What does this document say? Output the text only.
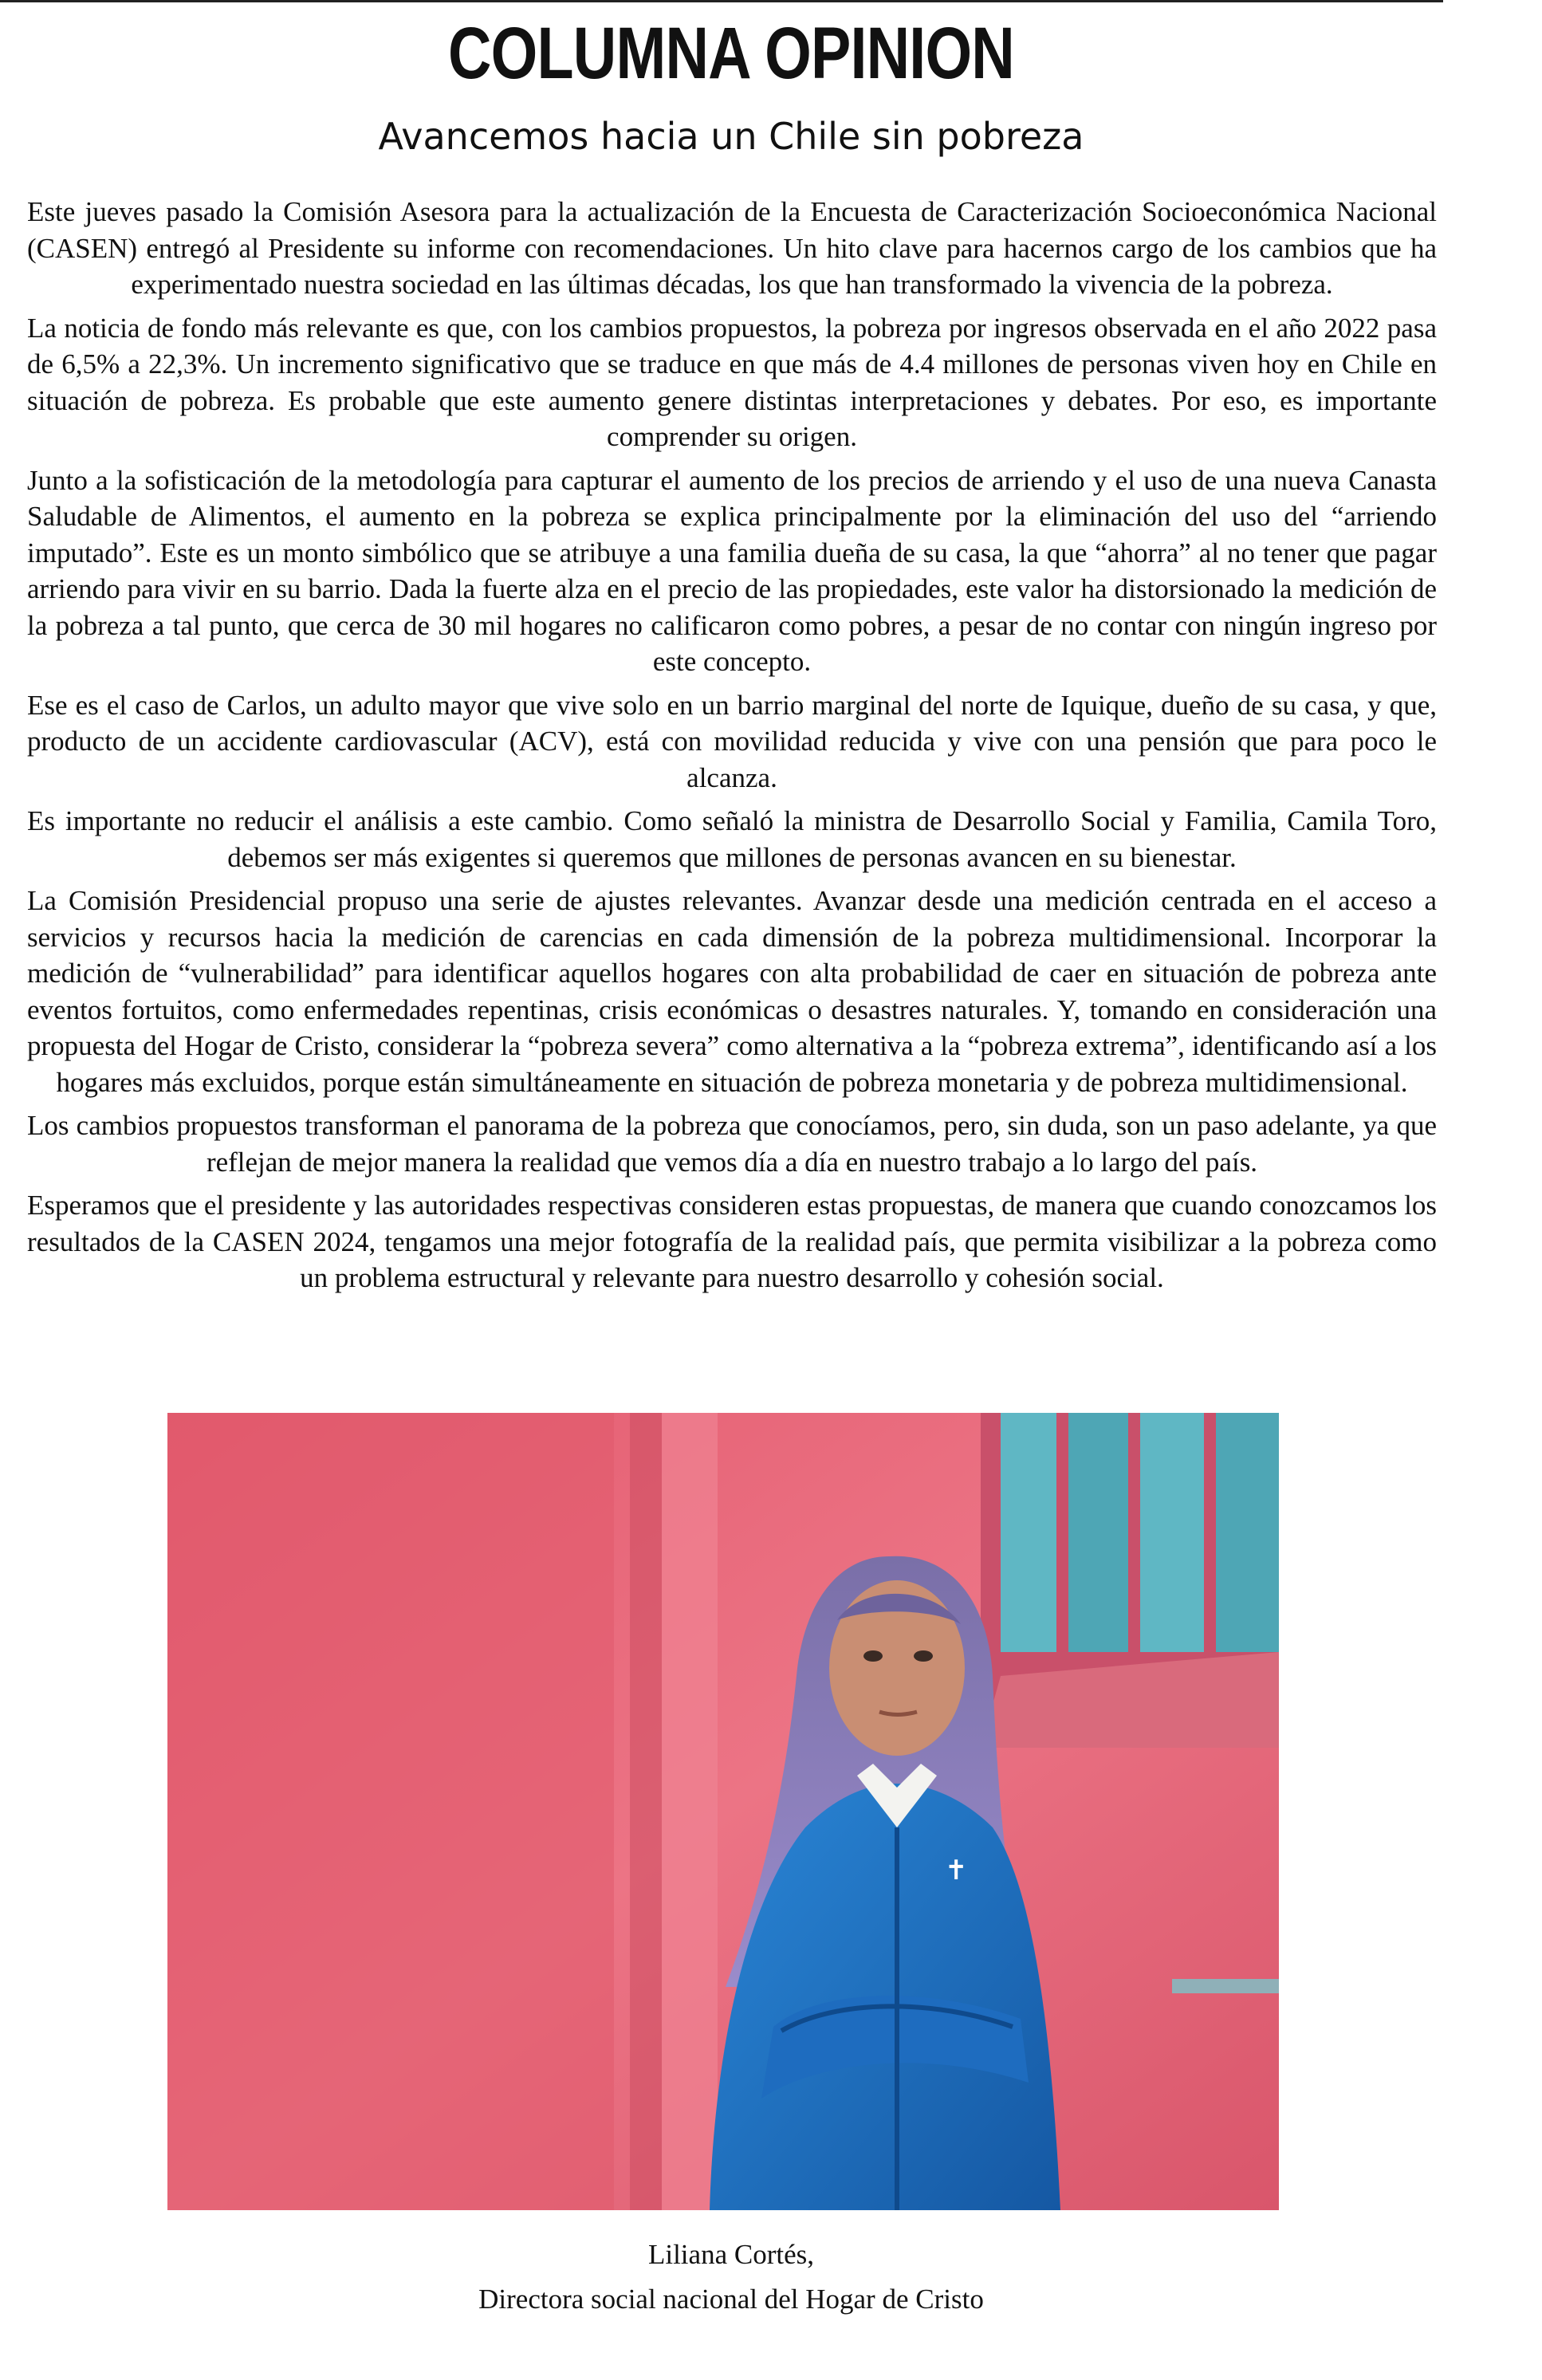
COLUMNA OPINION
Avancemos hacia un Chile sin pobreza

Este jueves pasado la Comisión Asesora para la actualización de la Encuesta de Caracterización Socioeconómica Nacional (CASEN) entregó al Presidente su informe con recomendaciones. Un hito clave para hacernos cargo de los cambios que ha experimentado nuestra sociedad en las últimas décadas, los que han transformado la vivencia de la pobreza.

La noticia de fondo más relevante es que, con los cambios propuestos, la pobreza por ingresos observada en el año 2022 pasa de 6,5% a 22,3%. Un incremento significativo que se traduce en que más de 4.4 millones de personas viven hoy en Chile en situación de pobreza. Es probable que este aumento genere distintas interpretaciones y debates. Por eso, es importante comprender su origen.

Junto a la sofisticación de la metodología para capturar el aumento de los precios de arriendo y el uso de una nueva Canasta Saludable de Alimentos, el aumento en la pobreza se explica principalmente por la eliminación del uso del “arriendo imputado”. Este es un monto simbólico que se atribuye a una familia dueña de su casa, la que “ahorra” al no tener que pagar arriendo para vivir en su barrio. Dada la fuerte alza en el precio de las propiedades, este valor ha distorsionado la medición de la pobreza a tal punto, que cerca de 30 mil hogares no calificaron como pobres, a pesar de no contar con ningún ingreso por este concepto.

Ese es el caso de Carlos, un adulto mayor que vive solo en un barrio marginal del norte de Iquique, dueño de su casa, y que, producto de un accidente cardiovascular (ACV), está con movilidad reducida y vive con una pensión que para poco le alcanza.

Es importante no reducir el análisis a este cambio. Como señaló la ministra de Desarrollo Social y Familia, Camila Toro, debemos ser más exigentes si queremos que millones de personas avancen en su bienestar.

La Comisión Presidencial propuso una serie de ajustes relevantes. Avanzar desde una medición centrada en el acceso a servicios y recursos hacia la medición de carencias en cada dimensión de la pobreza multidimensional. Incorporar la medición de “vulnerabilidad” para identificar aquellos hogares con alta probabilidad de caer en situación de pobreza ante eventos fortuitos, como enfermedades repentinas, crisis económicas o desastres naturales. Y, tomando en consideración una propuesta del Hogar de Cristo, considerar la “pobreza severa” como alternativa a la “pobreza extrema”, identificando así a los hogares más excluidos, porque están simultáneamente en situación de pobreza monetaria y de pobreza multidimensional.

Los cambios propuestos transforman el panorama de la pobreza que conocíamos, pero, sin duda, son un paso adelante, ya que reflejan de mejor manera la realidad que vemos día a día en nuestro trabajo a lo largo del país.

Esperamos que el presidente y las autoridades respectivas consideren estas propuestas, de manera que cuando conozcamos los resultados de la CASEN 2024, tengamos una mejor fotografía de la realidad país, que permita visibilizar a la pobreza como un problema estructural y relevante para nuestro desarrollo y cohesión social.

✝
Liliana Cortés,
Directora social nacional del Hogar de Cristo
